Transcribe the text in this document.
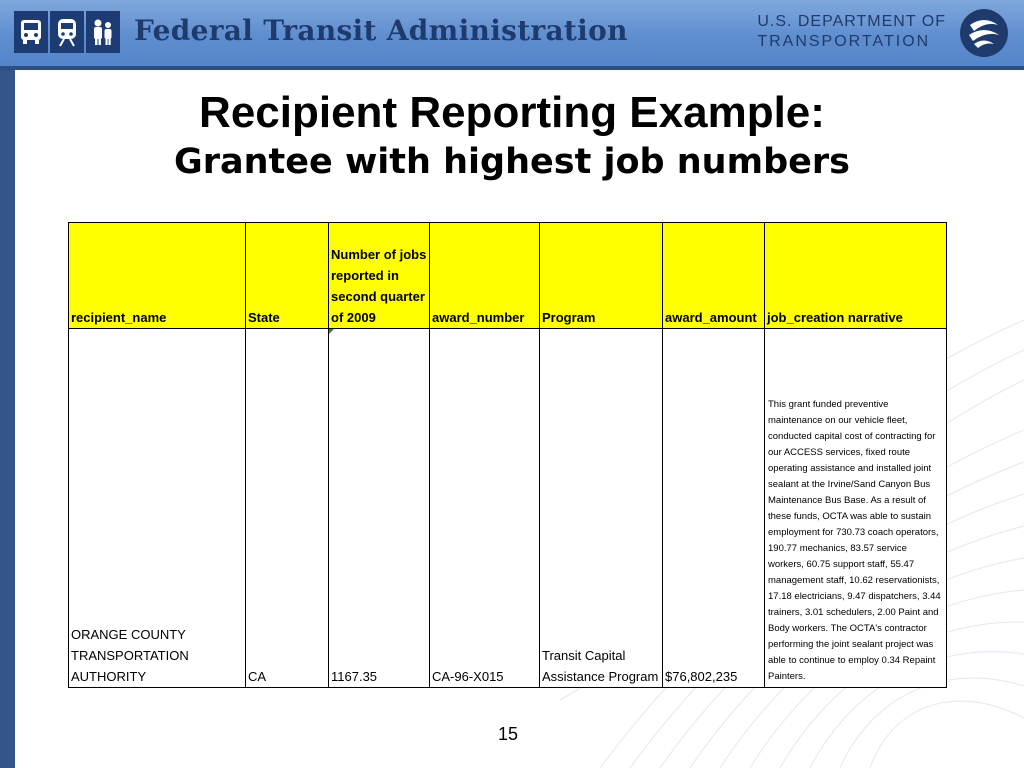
Federal Transit Administration	U.S. DEPARTMENT OF
TRANSPORTATION
Recipient Reporting Example:
Grantee with highest job numbers
recipient_name	State	Number of jobs reported in second quarter of 2009	award_number	Program	award_amount	job_creation narrative
ORANGE COUNTY TRANSPORTATION AUTHORITY	CA	1167.35	CA-96-X015	Transit Capital Assistance Program	$76,802,235	This grant funded preventive maintenance on our vehicle fleet, conducted capital cost of contracting for our ACCESS services, fixed route operating assistance and installed joint sealant at the Irvine/Sand Canyon Bus Maintenance Bus Base. As a result of these funds, OCTA was able to sustain employment for 730.73 coach operators, 190.77 mechanics, 83.57 service workers, 60.75 support staff, 55.47 management staff, 10.62 reservationists, 17.18 electricians, 9.47 dispatchers, 3.44 trainers, 3.01 schedulers, 2.00 Paint and Body workers. The OCTA's contractor performing the joint sealant project was able to continue to employ 0.34 Repaint Painters.
15
